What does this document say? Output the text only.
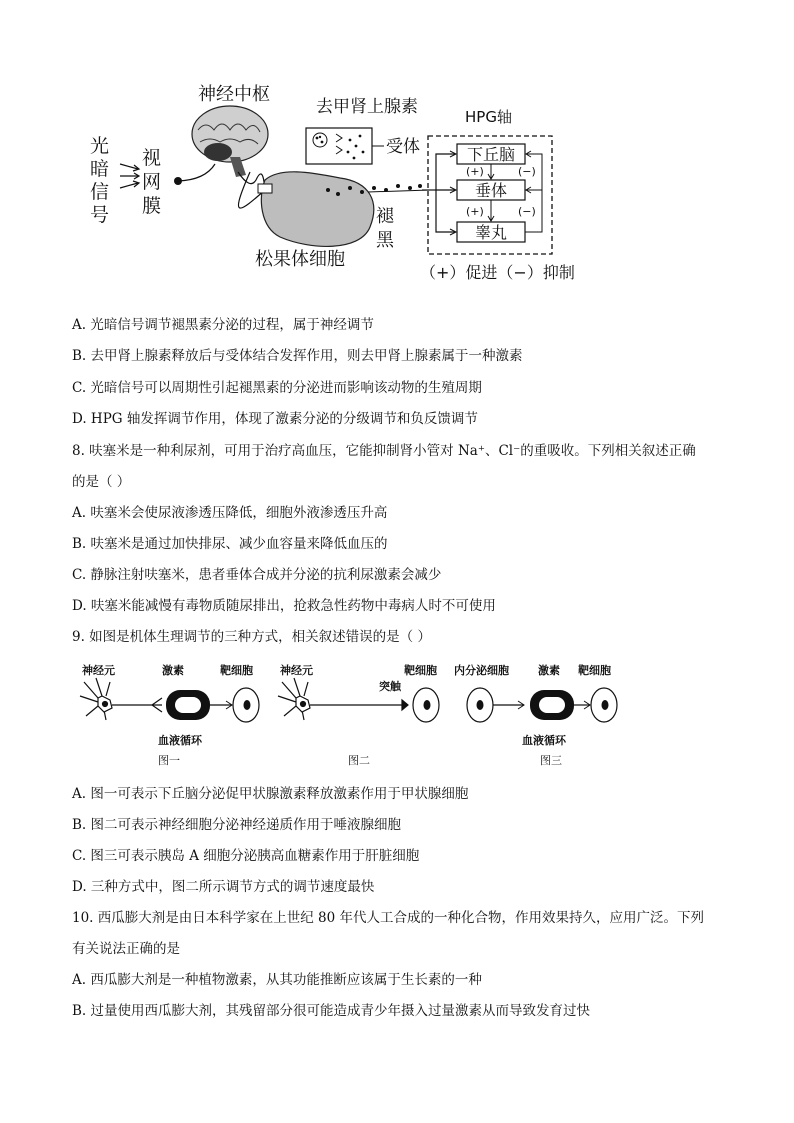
光
暗
信
号
视
网
膜
神经中枢
去甲肾上腺素
受体
松果体细胞
褪
黑
HPG轴
下丘脑
垂体
睾丸
(+)
(+)
(−)
(−)
（+）促进（−）抑制
A. 光暗信号调节褪黑素分泌的过程，属于神经调节
B. 去甲肾上腺素释放后与受体结合发挥作用，则去甲肾上腺素属于一种激素
C. 光暗信号可以周期性引起褪黑素的分泌进而影响该动物的生殖周期
D. HPG 轴发挥调节作用，体现了激素分泌的分级调节和负反馈调节
8. 呋塞米是一种利尿剂，可用于治疗高血压，它能抑制肾小管对 Na⁺、Cl⁻的重吸收。下列相关叙述正确
的是（ ）
A. 呋塞米会使尿液渗透压降低，细胞外液渗透压升高
B. 呋塞米是通过加快排尿、减少血容量来降低血压的
C. 静脉注射呋塞米，患者垂体合成并分泌的抗利尿激素会减少
D. 呋塞米能减慢有毒物质随尿排出，抢救急性药物中毒病人时不可使用
9. 如图是机体生理调节的三种方式，相关叙述错误的是（ ）
神经元	激素	靶细胞
血液循环
图一
神经元
突触
靶细胞
图二
内分泌细胞	激素 靶细胞
血液循环
图三
A. 图一可表示下丘脑分泌促甲状腺激素释放激素作用于甲状腺细胞
B. 图二可表示神经细胞分泌神经递质作用于唾液腺细胞
C. 图三可表示胰岛 A 细胞分泌胰高血糖素作用于肝脏细胞
D. 三种方式中，图二所示调节方式的调节速度最快
10. 西瓜膨大剂是由日本科学家在上世纪 80 年代人工合成的一种化合物，作用效果持久，应用广泛。下列
有关说法正确的是
A. 西瓜膨大剂是一种植物激素，从其功能推断应该属于生长素的一种
B. 过量使用西瓜膨大剂，其残留部分很可能造成青少年摄入过量激素从而导致发育过快
